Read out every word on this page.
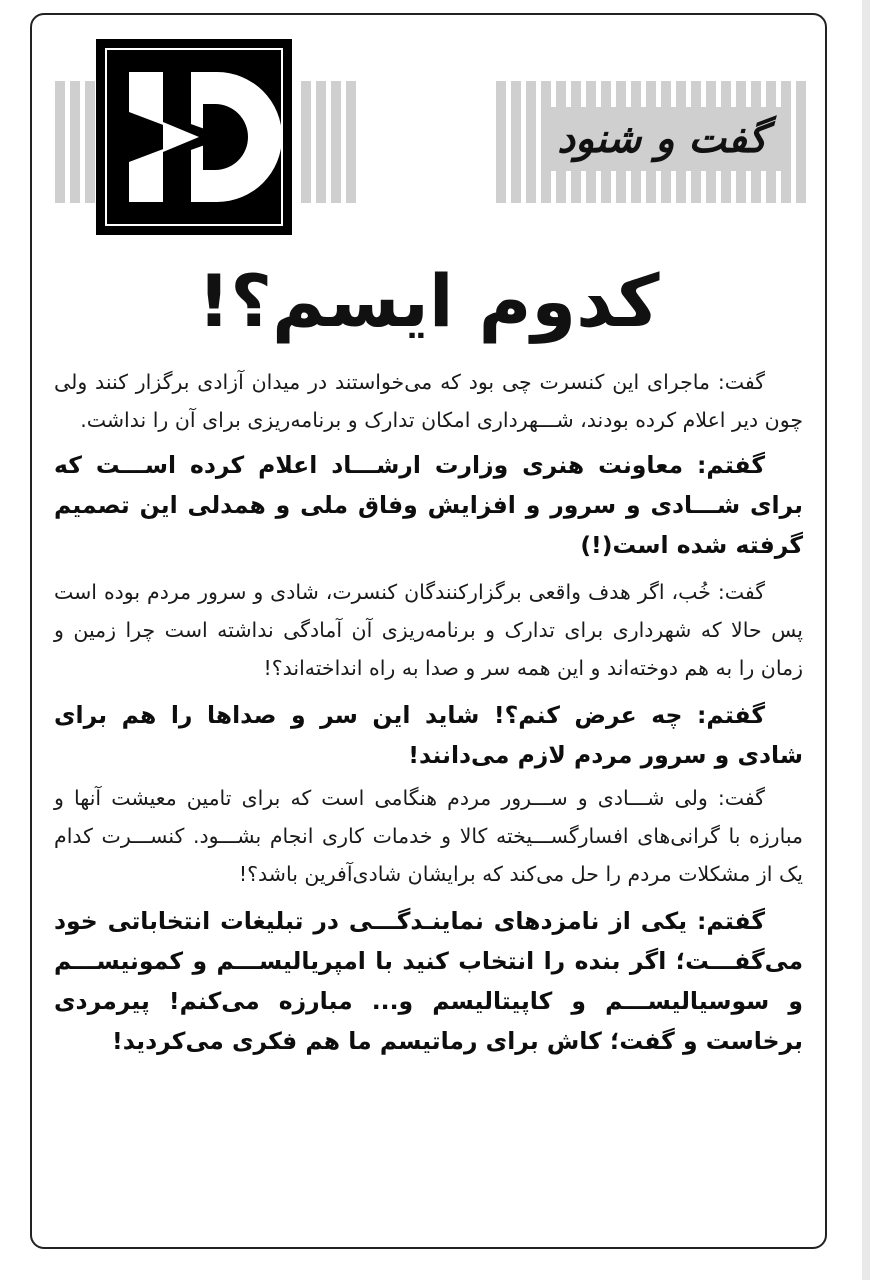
گفت و شنود
کدوم ایسم؟!

گفت: ماجرای این کنسرت چی بود که می‌خواستند در میدان آزادی برگزار کنند ولی چون دیر اعلام کرده بودند، شـــهرداری امکان تدارک و برنامه‌ریزی برای آن را نداشت.

گفتم: معاونت هنری وزارت ارشـــاد اعلام کرده اســـت که برای شـــادی و سرور و افزایش وفاق ملی و همدلی این تصمیم گرفته شده است(!)

گفت: خُب، اگر هدف واقعی برگزارکنندگان کنسرت، شادی و سرور مردم بوده است پس حالا که شهرداری برای تدارک و برنامه‌ریزی آن آمادگی نداشته است چرا زمین و زمان را به هم دوخته‌اند و این همه سر و صدا به راه انداخته‌اند؟!

گفتم: چه عرض کنم؟! شاید این سر و صداها را هم برای شادی و سرور مردم لازم می‌دانند!

گفت: ولی شـــادی و ســـرور مردم هنگامی است که برای تامین معیشت آنها و مبارزه با گرانی‌های افسارگســـیخته کالا و خدمات کاری انجام بشـــود. کنســـرت کدام یک از مشکلات مردم را حل می‌کند که برایشان شادی‌آفرین باشد؟!

گفتم: یکی از نامزدهای نماینـدگـــی در تبلیغات انتخاباتی خود می‌گفـــت؛ اگر بنده را انتخاب کنید با امپریالیســـم و کمونیســـم و سوسیالیســـم و کاپیتالیسم و... مبارزه می‌کنم! پیرمردی برخاست و گفت؛ کاش برای رماتیسم ما هم فکری می‌کردید!
